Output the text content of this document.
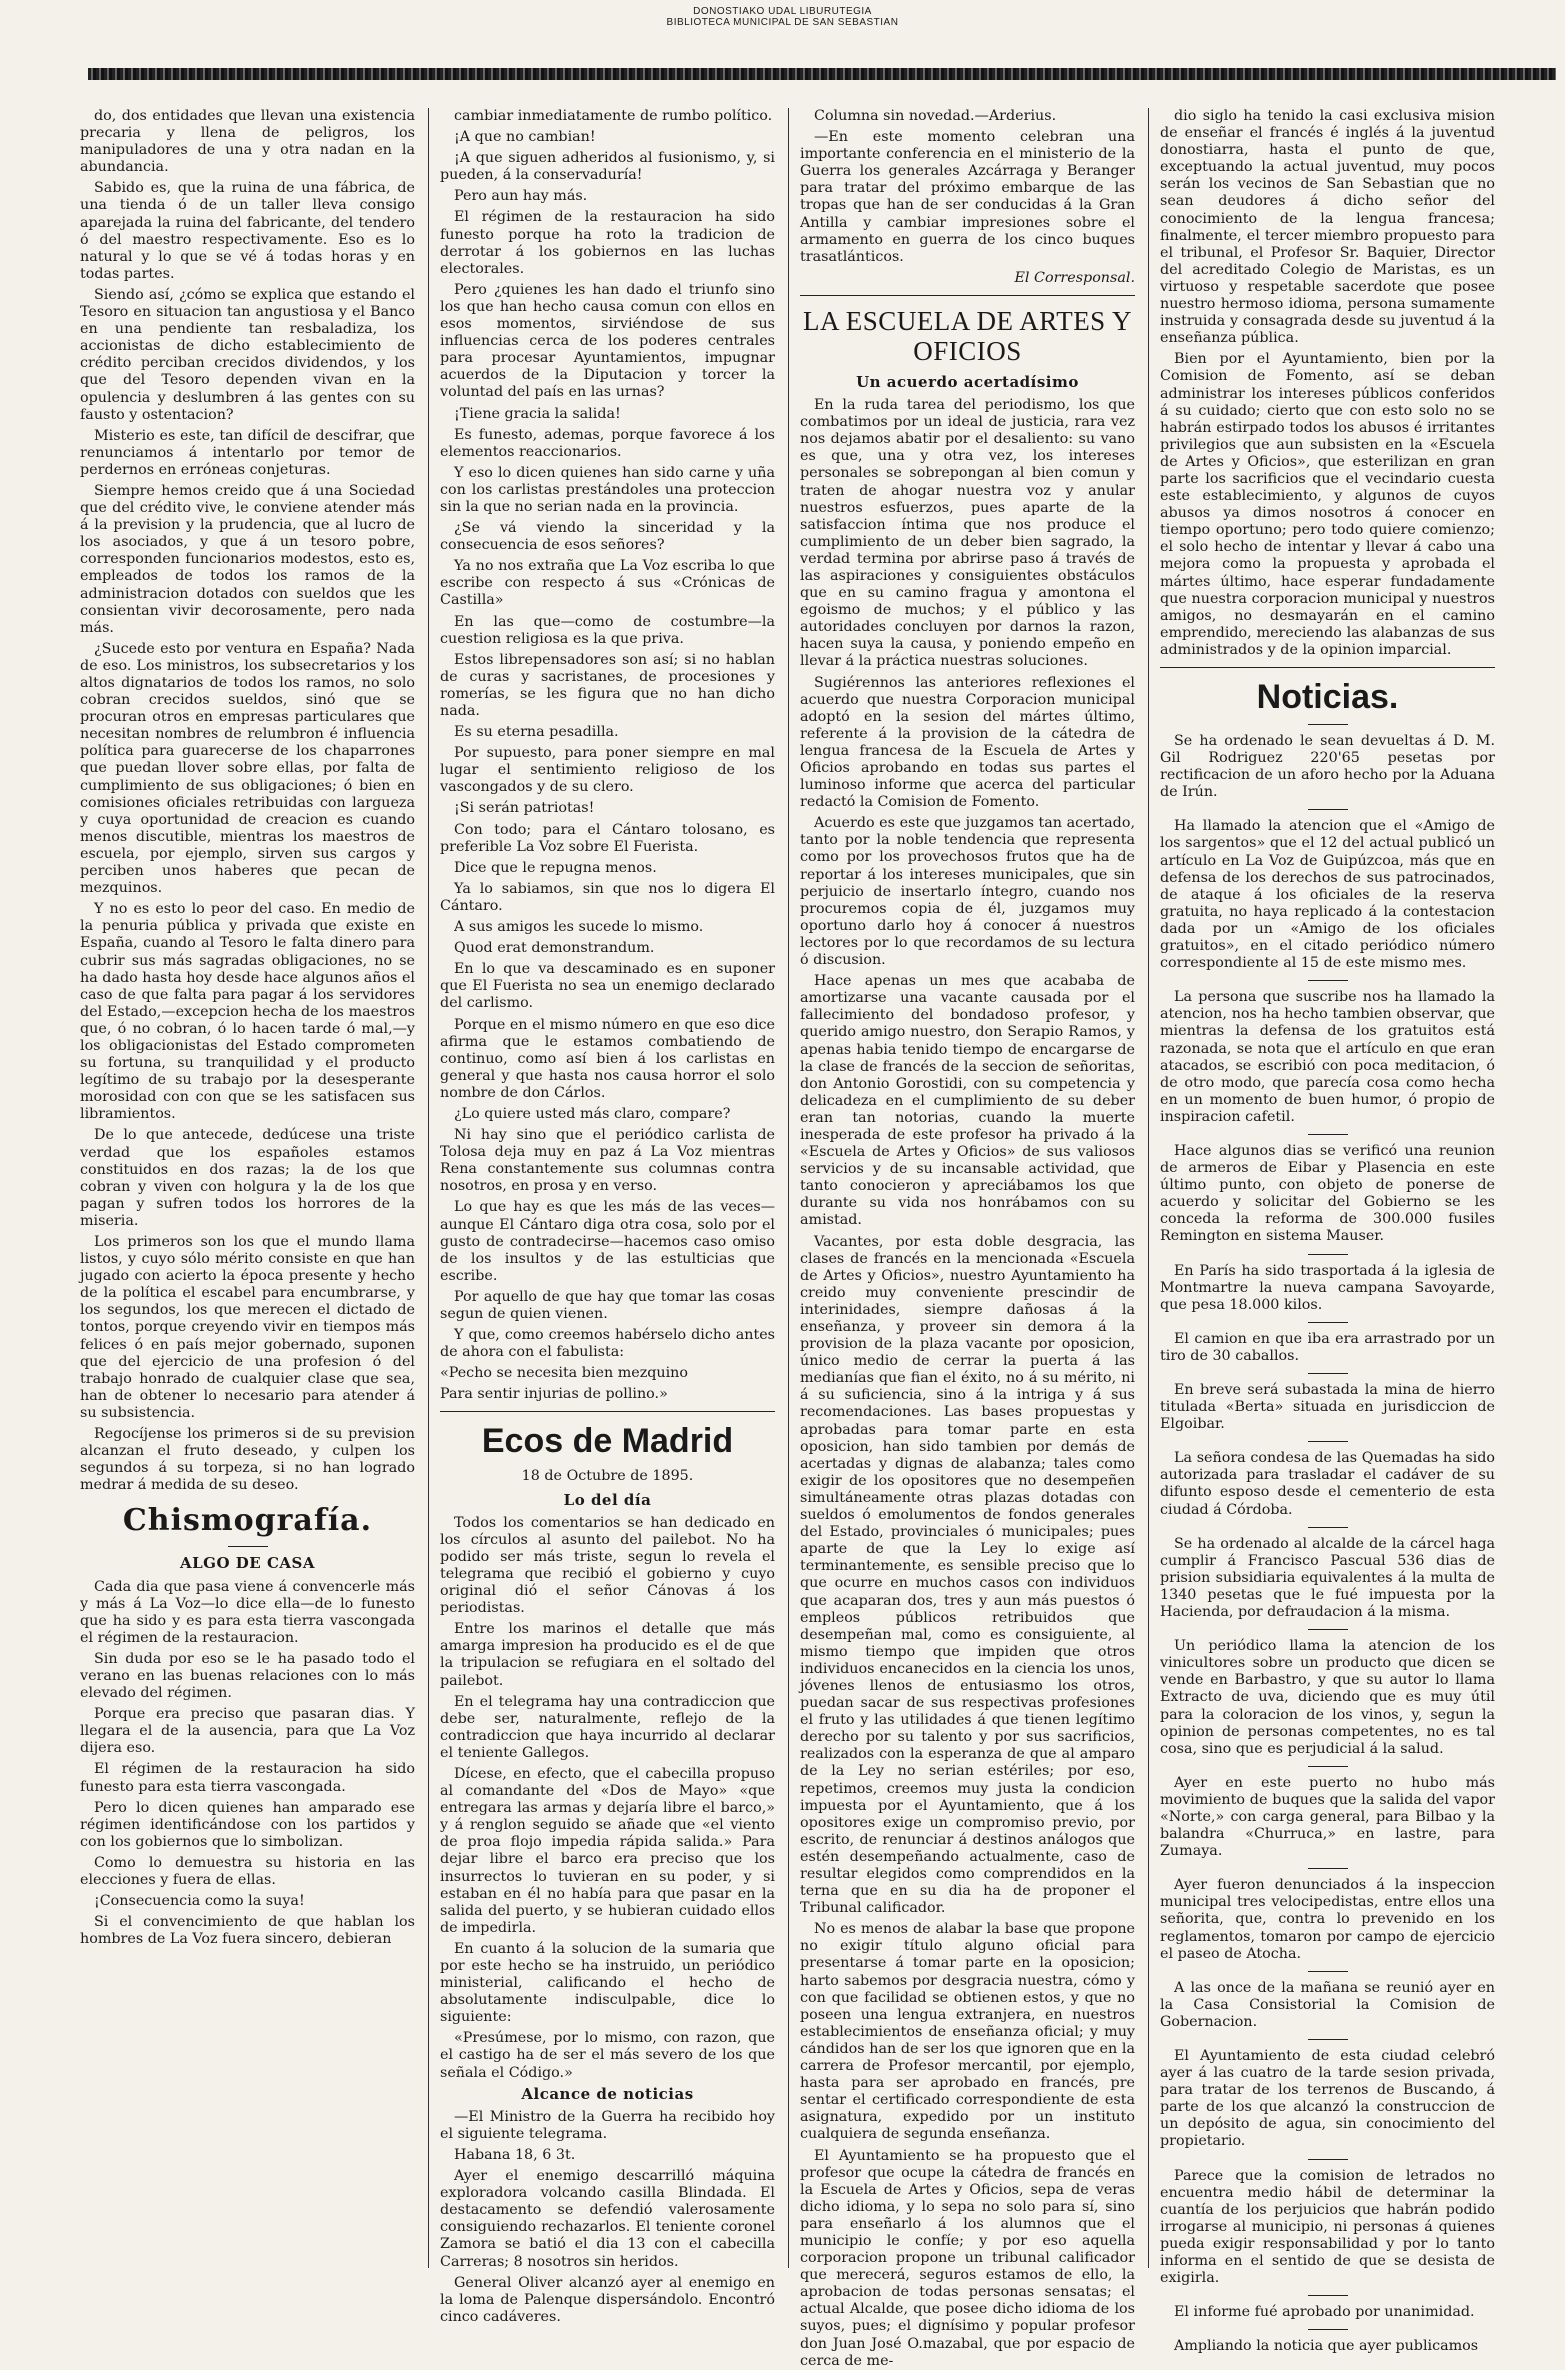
DONOSTIAKO UDAL LIBURUTEGIA
BIBLIOTECA MUNICIPAL DE SAN SEBASTIAN

do, dos entidades que llevan una existencia precaria y llena de peligros, los manipuladores de una y otra nadan en la abundancia.

Sabido es, que la ruina de una fábrica, de una tienda ó de un taller lleva consigo aparejada la ruina del fabricante, del tendero ó del maestro respectivamente. Eso es lo natural y lo que se vé á todas horas y en todas partes.

Siendo así, ¿cómo se explica que estando el Tesoro en situacion tan angustiosa y el Banco en una pendiente tan resbaladiza, los accionistas de dicho establecimiento de crédito perciban crecidos dividendos, y los que del Tesoro dependen vivan en la opulencia y deslumbren á las gentes con su fausto y ostentacion?

Misterio es este, tan difícil de descifrar, que renunciamos á intentarlo por temor de perdernos en erróneas conjeturas.

Siempre hemos creido que á una Sociedad que del crédito vive, le conviene atender más á la prevision y la prudencia, que al lucro de los asociados, y que á un tesoro pobre, corresponden funcionarios modestos, esto es, empleados de todos los ramos de la administracion dotados con sueldos que les consientan vivir decorosamente, pero nada más.

¿Sucede esto por ventura en España? Nada de eso. Los ministros, los subsecretarios y los altos dignatarios de todos los ramos, no solo cobran crecidos sueldos, sinó que se procuran otros en empresas particulares que necesitan nombres de relumbron é influencia política para guarecerse de los chaparrones que puedan llover sobre ellas, por falta de cumplimiento de sus obligaciones; ó bien en comisiones oficiales retribuidas con largueza y cuya oportunidad de creacion es cuando menos discutible, mientras los maestros de escuela, por ejemplo, sirven sus cargos y perciben unos haberes que pecan de mezquinos.

Y no es esto lo peor del caso. En medio de la penuria pública y privada que existe en España, cuando al Tesoro le falta dinero para cubrir sus más sagradas obligaciones, no se ha dado hasta hoy desde hace algunos años el caso de que falta para pagar á los servidores del Estado,—excepcion hecha de los maestros que, ó no cobran, ó lo hacen tarde ó mal,—y los obligacionistas del Estado comprometen su fortuna, su tranquilidad y el producto legítimo de su trabajo por la desesperante morosidad con con que se les satisfacen sus libramientos.

De lo que antecede, dedúcese una triste verdad que los españoles estamos constituidos en dos razas; la de los que cobran y viven con holgura y la de los que pagan y sufren todos los horrores de la miseria.

Los primeros son los que el mundo llama listos, y cuyo sólo mérito consiste en que han jugado con acierto la época presente y hecho de la política el escabel para encumbrarse, y los segundos, los que merecen el dictado de tontos, porque creyendo vivir en tiempos más felices ó en país mejor gobernado, suponen que del ejercicio de una profesion ó del trabajo honrado de cualquier clase que sea, han de obtener lo necesario para atender á su subsistencia.

Regocíjense los primeros si de su prevision alcanzan el fruto deseado, y culpen los segundos á su torpeza, si no han logrado medrar á medida de su deseo.

Chismografía.
ALGO DE CASA

Cada dia que pasa viene á convencerle más y más á La Voz—lo dice ella—de lo funesto que ha sido y es para esta tierra vascongada el régimen de la restauracion.

Sin duda por eso se le ha pasado todo el verano en las buenas relaciones con lo más elevado del régimen.

Porque era preciso que pasaran dias. Y llegara el de la ausencia, para que La Voz dijera eso.

El régimen de la restauracion ha sido funesto para esta tierra vascongada.

Pero lo dicen quienes han amparado ese régimen identificándose con los partidos y con los gobiernos que lo simbolizan.

Como lo demuestra su historia en las elecciones y fuera de ellas.

¡Consecuencia como la suya!

Si el convencimiento de que hablan los hombres de La Voz fuera sincero, debieran

cambiar inmediatamente de rumbo político.

¡A que no cambian!

¡A que siguen adheridos al fusionismo, y, si pueden, á la conservaduría!

Pero aun hay más.

El régimen de la restauracion ha sido funesto porque ha roto la tradicion de derrotar á los gobiernos en las luchas electorales.

Pero ¿quienes les han dado el triunfo sino los que han hecho causa comun con ellos en esos momentos, sirviéndose de sus influencias cerca de los poderes centrales para procesar Ayuntamientos, impugnar acuerdos de la Diputacion y torcer la voluntad del país en las urnas?

¡Tiene gracia la salida!

Es funesto, ademas, porque favorece á los elementos reaccionarios.

Y eso lo dicen quienes han sido carne y uña con los carlistas prestándoles una proteccion sin la que no serian nada en la provincia.

¿Se vá viendo la sinceridad y la consecuencia de esos señores?

Ya no nos extraña que La Voz escriba lo que escribe con respecto á sus «Crónicas de Castilla»

En las que—como de costumbre—la cuestion religiosa es la que priva.

Estos librepensadores son así; si no hablan de curas y sacristanes, de procesiones y romerías, se les figura que no han dicho nada.

Es su eterna pesadilla.

Por supuesto, para poner siempre en mal lugar el sentimiento religioso de los vascongados y de su clero.

¡Si serán patriotas!

Con todo; para el Cántaro tolosano, es preferible La Voz sobre El Fuerista.

Dice que le repugna menos.

Ya lo sabiamos, sin que nos lo digera El Cántaro.

A sus amigos les sucede lo mismo.

Quod erat demonstrandum.

En lo que va descaminado es en suponer que El Fuerista no sea un enemigo declarado del carlismo.

Porque en el mismo número en que eso dice afirma que le estamos combatiendo de continuo, como así bien á los carlistas en general y que hasta nos causa horror el solo nombre de don Cárlos.

¿Lo quiere usted más claro, compare?

Ni hay sino que el periódico carlista de Tolosa deja muy en paz á La Voz mientras Rena constantemente sus columnas contra nosotros, en prosa y en verso.

Lo que hay es que les más de las veces—aunque El Cántaro diga otra cosa, solo por el gusto de contradecirse—hacemos caso omiso de los insultos y de las estulticias que escribe.

Por aquello de que hay que tomar las cosas segun de quien vienen.

Y que, como creemos habérselo dicho antes de ahora con el fabulista:

«Pecho se necesita bien mezquino

Para sentir injurias de pollino.»

Ecos de Madrid
18 de Octubre de 1895.
Lo del día

Todos los comentarios se han dedicado en los círculos al asunto del pailebot. No ha podido ser más triste, segun lo revela el telegrama que recibió el gobierno y cuyo original dió el señor Cánovas á los periodistas.

Entre los marinos el detalle que más amarga impresion ha producido es el de que la tripulacion se refugiara en el soltado del pailebot.

En el telegrama hay una contradiccion que debe ser, naturalmente, reflejo de la contradiccion que haya incurrido al declarar el teniente Gallegos.

Dícese, en efecto, que el cabecilla propuso al comandante del «Dos de Mayo» «que entregara las armas y dejaría libre el barco,» y á renglon seguido se añade que «el viento de proa flojo impedia rápida salida.» Para dejar libre el barco era preciso que los insurrectos lo tuvieran en su poder, y si estaban en él no había para que pasar en la salida del puerto, y se hubieran cuidado ellos de impedirla.

En cuanto á la solucion de la sumaria que por este hecho se ha instruido, un periódico ministerial, calificando el hecho de absolutamente indisculpable, dice lo siguiente:

«Presúmese, por lo mismo, con razon, que el castigo ha de ser el más severo de los que señala el Código.»

Alcance de noticias

—El Ministro de la Guerra ha recibido hoy el siguiente telegrama.

Habana 18, 6 3t.

Ayer el enemigo descarrilló máquina exploradora volcando casilla Blindada. El destacamento se defendió valerosamente consiguiendo rechazarlos. El teniente coronel Zamora se batió el dia 13 con el cabecilla Carreras; 8 nosotros sin heridos.

General Oliver alcanzó ayer al enemigo en la loma de Palenque dispersándolo. Encontró cinco cadáveres.

Columna sin novedad.—Arderius.

—En este momento celebran una importante conferencia en el ministerio de la Guerra los generales Azcárraga y Beranger para tratar del próximo embarque de las tropas que han de ser conducidas á la Gran Antilla y cambiar impresiones sobre el armamento en guerra de los cinco buques trasatlánticos.

El Corresponsal.
LA ESCUELA DE ARTES Y OFICIOS
Un acuerdo acertadísimo

En la ruda tarea del periodismo, los que combatimos por un ideal de justicia, rara vez nos dejamos abatir por el desaliento: su vano es que, una y otra vez, los intereses personales se sobrepongan al bien comun y traten de ahogar nuestra voz y anular nuestros esfuerzos, pues aparte de la satisfaccion íntima que nos produce el cumplimiento de un deber bien sagrado, la verdad termina por abrirse paso á través de las aspiraciones y consiguientes obstáculos que en su camino fragua y amontona el egoismo de muchos; y el público y las autoridades concluyen por darnos la razon, hacen suya la causa, y poniendo empeño en llevar á la práctica nuestras soluciones.

Sugiérennos las anteriores reflexiones el acuerdo que nuestra Corporacion municipal adoptó en la sesion del mártes último, referente á la provision de la cátedra de lengua francesa de la Escuela de Artes y Oficios aprobando en todas sus partes el luminoso informe que acerca del particular redactó la Comision de Fomento.

Acuerdo es este que juzgamos tan acertado, tanto por la noble tendencia que representa como por los provechosos frutos que ha de reportar á los intereses municipales, que sin perjuicio de insertarlo íntegro, cuando nos procuremos copia de él, juzgamos muy oportuno darlo hoy á conocer á nuestros lectores por lo que recordamos de su lectura ó discusion.

Hace apenas un mes que acababa de amortizarse una vacante causada por el fallecimiento del bondadoso profesor, y querido amigo nuestro, don Serapio Ramos, y apenas habia tenido tiempo de encargarse de la clase de francés de la seccion de señoritas, don Antonio Gorostidi, con su competencia y delicadeza en el cumplimiento de su deber eran tan notorias, cuando la muerte inesperada de este profesor ha privado á la «Escuela de Artes y Oficios» de sus valiosos servicios y de su incansable actividad, que tanto conocieron y apreciábamos los que durante su vida nos honrábamos con su amistad.

Vacantes, por esta doble desgracia, las clases de francés en la mencionada «Escuela de Artes y Oficios», nuestro Ayuntamiento ha creido muy conveniente prescindir de interinidades, siempre dañosas á la enseñanza, y proveer sin demora á la provision de la plaza vacante por oposicion, único medio de cerrar la puerta á las medianías que fian el éxito, no á su mérito, ni á su suficiencia, sino á la intriga y á sus recomendaciones. Las bases propuestas y aprobadas para tomar parte en esta oposicion, han sido tambien por demás de acertadas y dignas de alabanza; tales como exigir de los opositores que no desempeñen simultáneamente otras plazas dotadas con sueldos ó emolumentos de fondos generales del Estado, provinciales ó municipales; pues aparte de que la Ley lo exige así terminantemente, es sensible preciso que lo que ocurre en muchos casos con individuos que acaparan dos, tres y aun más puestos ó empleos públicos retribuidos que desempeñan mal, como es consiguiente, al mismo tiempo que impiden que otros individuos encanecidos en la ciencia los unos, jóvenes llenos de entusiasmo los otros, puedan sacar de sus respectivas profesiones el fruto y las utilidades á que tienen legítimo derecho por su talento y por sus sacrificios, realizados con la esperanza de que al amparo de la Ley no serian estériles; por eso, repetimos, creemos muy justa la condicion impuesta por el Ayuntamiento, que á los opositores exige un compromiso previo, por escrito, de renunciar á destinos análogos que estén desempeñando actualmente, caso de resultar elegidos como comprendidos en la terna que en su dia ha de proponer el Tribunal calificador.

No es menos de alabar la base que propone no exigir título alguno oficial para presentarse á tomar parte en la oposicion; harto sabemos por desgracia nuestra, cómo y con que facilidad se obtienen estos, y que no poseen una lengua extranjera, en nuestros establecimientos de enseñanza oficial; y muy cándidos han de ser los que ignoren que en la carrera de Profesor mercantil, por ejemplo, hasta para ser aprobado en francés, pre sentar el certificado correspondiente de esta asignatura, expedido por un instituto cualquiera de segunda enseñanza.

El Ayuntamiento se ha propuesto que el profesor que ocupe la cátedra de francés en la Escuela de Artes y Oficios, sepa de veras dicho idioma, y lo sepa no solo para sí, sino para enseñarlo á los alumnos que el municipio le confíe; y por eso aquella corporacion propone un tribunal calificador que merecerá, seguros estamos de ello, la aprobacion de todas personas sensatas; el actual Alcalde, que posee dicho idioma de los suyos, pues; el dignísimo y popular profesor don Juan José O.mazabal, que por espacio de cerca de me-

dio siglo ha tenido la casi exclusiva mision de enseñar el francés é inglés á la juventud donostiarra, hasta el punto de que, exceptuando la actual juventud, muy pocos serán los vecinos de San Sebastian que no sean deudores á dicho señor del conocimiento de la lengua francesa; finalmente, el tercer miembro propuesto para el tribunal, el Profesor Sr. Baquier, Director del acreditado Colegio de Maristas, es un virtuoso y respetable sacerdote que posee nuestro hermoso idioma, persona sumamente instruida y consagrada desde su juventud á la enseñanza pública.

Bien por el Ayuntamiento, bien por la Comision de Fomento, así se deban administrar los intereses públicos conferidos á su cuidado; cierto que con esto solo no se habrán estirpado todos los abusos é irritantes privilegios que aun subsisten en la «Escuela de Artes y Oficios», que esterilizan en gran parte los sacrificios que el vecindario cuesta este establecimiento, y algunos de cuyos abusos ya dimos nosotros á conocer en tiempo oportuno; pero todo quiere comienzo; el solo hecho de intentar y llevar á cabo una mejora como la propuesta y aprobada el mártes último, hace esperar fundadamente que nuestra corporacion municipal y nuestros amigos, no desmayarán en el camino emprendido, mereciendo las alabanzas de sus administrados y de la opinion imparcial.

Noticias.

Se ha ordenado le sean devueltas á D. M. Gil Rodriguez 220'65 pesetas por rectificacion de un aforo hecho por la Aduana de Irún.

Ha llamado la atencion que el «Amigo de los sargentos» que el 12 del actual publicó un artículo en La Voz de Guipúzcoa, más que en defensa de los derechos de sus patrocinados, de ataque á los oficiales de la reserva gratuita, no haya replicado á la contestacion dada por un «Amigo de los oficiales gratuitos», en el citado periódico número correspondiente al 15 de este mismo mes.

La persona que suscribe nos ha llamado la atencion, nos ha hecho tambien observar, que mientras la defensa de los gratuitos está razonada, se nota que el artículo en que eran atacados, se escribió con poca meditacion, ó de otro modo, que parecía cosa como hecha en un momento de buen humor, ó propio de inspiracion cafetil.

Hace algunos dias se verificó una reunion de armeros de Eibar y Plasencia en este último punto, con objeto de ponerse de acuerdo y solicitar del Gobierno se les conceda la reforma de 300.000 fusiles Remington en sistema Mauser.

En París ha sido trasportada á la iglesia de Montmartre la nueva campana Savoyarde, que pesa 18.000 kilos.

El camion en que iba era arrastrado por un tiro de 30 caballos.

En breve será subastada la mina de hierro titulada «Berta» situada en jurisdiccion de Elgoibar.

La señora condesa de las Quemadas ha sido autorizada para trasladar el cadáver de su difunto esposo desde el cementerio de esta ciudad á Córdoba.

Se ha ordenado al alcalde de la cárcel haga cumplir á Francisco Pascual 536 dias de prision subsidiaria equivalentes á la multa de 1340 pesetas que le fué impuesta por la Hacienda, por defraudacion á la misma.

Un periódico llama la atencion de los vinicultores sobre un producto que dicen se vende en Barbastro, y que su autor lo llama Extracto de uva, diciendo que es muy útil para la coloracion de los vinos, y, segun la opinion de personas competentes, no es tal cosa, sino que es perjudicial á la salud.

Ayer en este puerto no hubo más movimiento de buques que la salida del vapor «Norte,» con carga general, para Bilbao y la balandra «Churruca,» en lastre, para Zumaya.

Ayer fueron denunciados á la inspeccion municipal tres velocipedistas, entre ellos una señorita, que, contra lo prevenido en los reglamentos, tomaron por campo de ejercicio el paseo de Atocha.

A las once de la mañana se reunió ayer en la Casa Consistorial la Comision de Gobernacion.

El Ayuntamiento de esta ciudad celebró ayer á las cuatro de la tarde sesion privada, para tratar de los terrenos de Buscando, á parte de los que alcanzó la construccion de un depósito de agua, sin conocimiento del propietario.

Parece que la comision de letrados no encuentra medio hábil de determinar la cuantía de los perjuicios que habrán podido irrogarse al municipio, ni personas á quienes pueda exigir responsabilidad y por lo tanto informa en el sentido de que se desista de exigirla.

El informe fué aprobado por unanimidad.

Ampliando la noticia que ayer publicamos
